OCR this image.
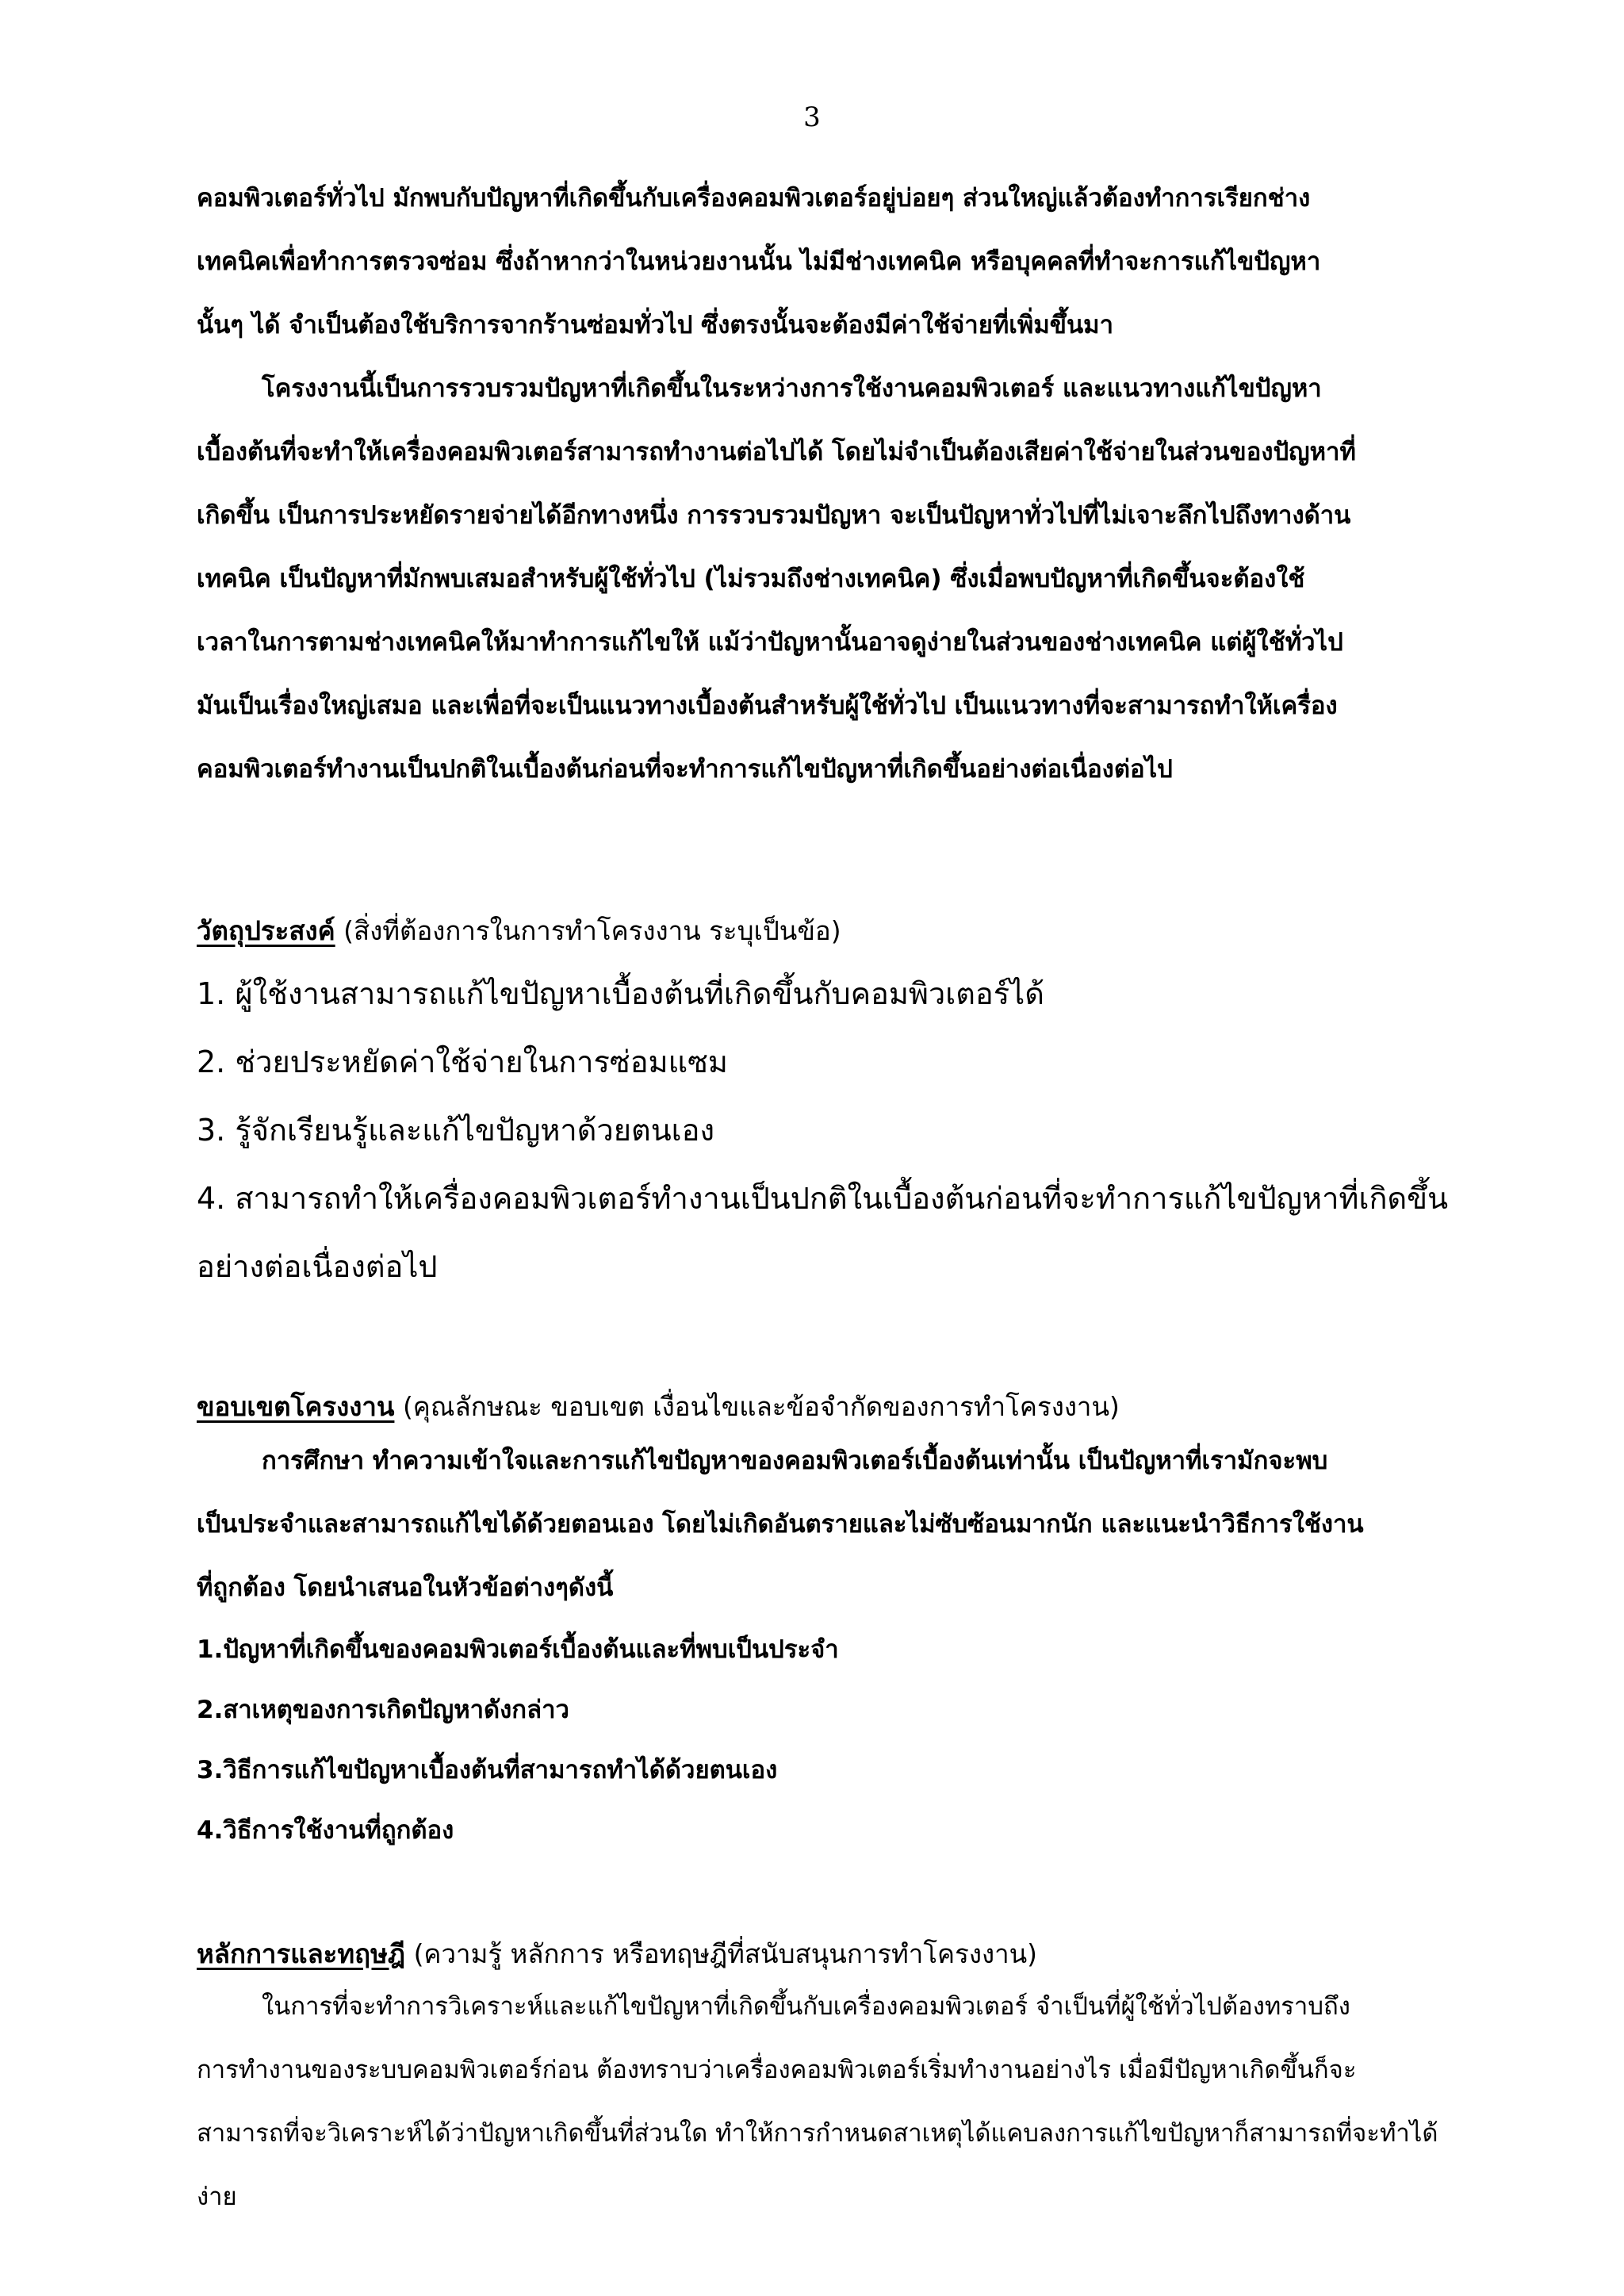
3

คอมพิวเตอร์ทั่วไป มักพบกับปัญหาที่เกิดขึ้นกับเครื่องคอมพิวเตอร์อยู่บ่อยๆ ส่วนใหญ่แล้วต้องทำการเรียกช่าง

เทคนิคเพื่อทำการตรวจซ่อม ซึ่งถ้าหากว่าในหน่วยงานนั้น ไม่มีช่างเทคนิค หรือบุคคลที่ทำจะการแก้ไขปัญหา

นั้นๆ ได้ จำเป็นต้องใช้บริการจากร้านซ่อมทั่วไป ซึ่งตรงนั้นจะต้องมีค่าใช้จ่ายที่เพิ่มขึ้นมา

โครงงานนี้เป็นการรวบรวมปัญหาที่เกิดขึ้นในระหว่างการใช้งานคอมพิวเตอร์ และแนวทางแก้ไขปัญหา

เบื้องต้นที่จะทำให้เครื่องคอมพิวเตอร์สามารถทำงานต่อไปได้ โดยไม่จำเป็นต้องเสียค่าใช้จ่ายในส่วนของปัญหาที่

เกิดขึ้น เป็นการประหยัดรายจ่ายได้อีกทางหนึ่ง การรวบรวมปัญหา จะเป็นปัญหาทั่วไปที่ไม่เจาะลึกไปถึงทางด้าน

เทคนิค เป็นปัญหาที่มักพบเสมอสำหรับผู้ใช้ทั่วไป (ไม่รวมถึงช่างเทคนิค) ซึ่งเมื่อพบปัญหาที่เกิดขึ้นจะต้องใช้

เวลาในการตามช่างเทคนิคให้มาทำการแก้ไขให้ แม้ว่าปัญหานั้นอาจดูง่ายในส่วนของช่างเทคนิค แต่ผู้ใช้ทั่วไป

มันเป็นเรื่องใหญ่เสมอ และเพื่อที่จะเป็นแนวทางเบื้องต้นสำหรับผู้ใช้ทั่วไป เป็นแนวทางที่จะสามารถทำให้เครื่อง

คอมพิวเตอร์ทำงานเป็นปกติในเบื้องต้นก่อนที่จะทำการแก้ไขปัญหาที่เกิดขึ้นอย่างต่อเนื่องต่อไป

วัตถุประสงค์ (สิ่งที่ต้องการในการทำโครงงาน ระบุเป็นข้อ)

1. ผู้ใช้งานสามารถแก้ไขปัญหาเบื้องต้นที่เกิดขึ้นกับคอมพิวเตอร์ได้

2. ช่วยประหยัดค่าใช้จ่ายในการซ่อมแซม

3. รู้จักเรียนรู้และแก้ไขปัญหาด้วยตนเอง

4. สามารถทำให้เครื่องคอมพิวเตอร์ทำงานเป็นปกติในเบื้องต้นก่อนที่จะทำการแก้ไขปัญหาที่เกิดขึ้น

อย่างต่อเนื่องต่อไป

ขอบเขตโครงงาน (คุณลักษณะ ขอบเขต เงื่อนไขและข้อจำกัดของการทำโครงงาน)

การศึกษา ทำความเข้าใจและการแก้ไขปัญหาของคอมพิวเตอร์เบื้องต้นเท่านั้น เป็นปัญหาที่เรามักจะพบ

เป็นประจำและสามารถแก้ไขได้ด้วยตอนเอง โดยไม่เกิดอันตรายและไม่ซับซ้อนมากนัก และแนะนำวิธีการใช้งาน

ที่ถูกต้อง โดยนำเสนอในหัวข้อต่างๆดังนี้

1.ปัญหาที่เกิดขึ้นของคอมพิวเตอร์เบื้องต้นและที่พบเป็นประจำ

2.สาเหตุของการเกิดปัญหาดังกล่าว

3.วิธีการแก้ไขปัญหาเบื้องต้นที่สามารถทำได้ด้วยตนเอง

4.วิธีการใช้งานที่ถูกต้อง

หลักการและทฤษฎี (ความรู้ หลักการ หรือทฤษฎีที่สนับสนุนการทำโครงงาน)

ในการที่จะทำการวิเคราะห์และแก้ไขปัญหาที่เกิดขึ้นกับเครื่องคอมพิวเตอร์ จำเป็นที่ผู้ใช้ทั่วไปต้องทราบถึง

การทำงานของระบบคอมพิวเตอร์ก่อน ต้องทราบว่าเครื่องคอมพิวเตอร์เริ่มทำงานอย่างไร เมื่อมีปัญหาเกิดขึ้นก็จะ

สามารถที่จะวิเคราะห์ได้ว่าปัญหาเกิดขึ้นที่ส่วนใด ทำให้การกำหนดสาเหตุได้แคบลงการแก้ไขปัญหาก็สามารถที่จะทำได้

ง่าย
